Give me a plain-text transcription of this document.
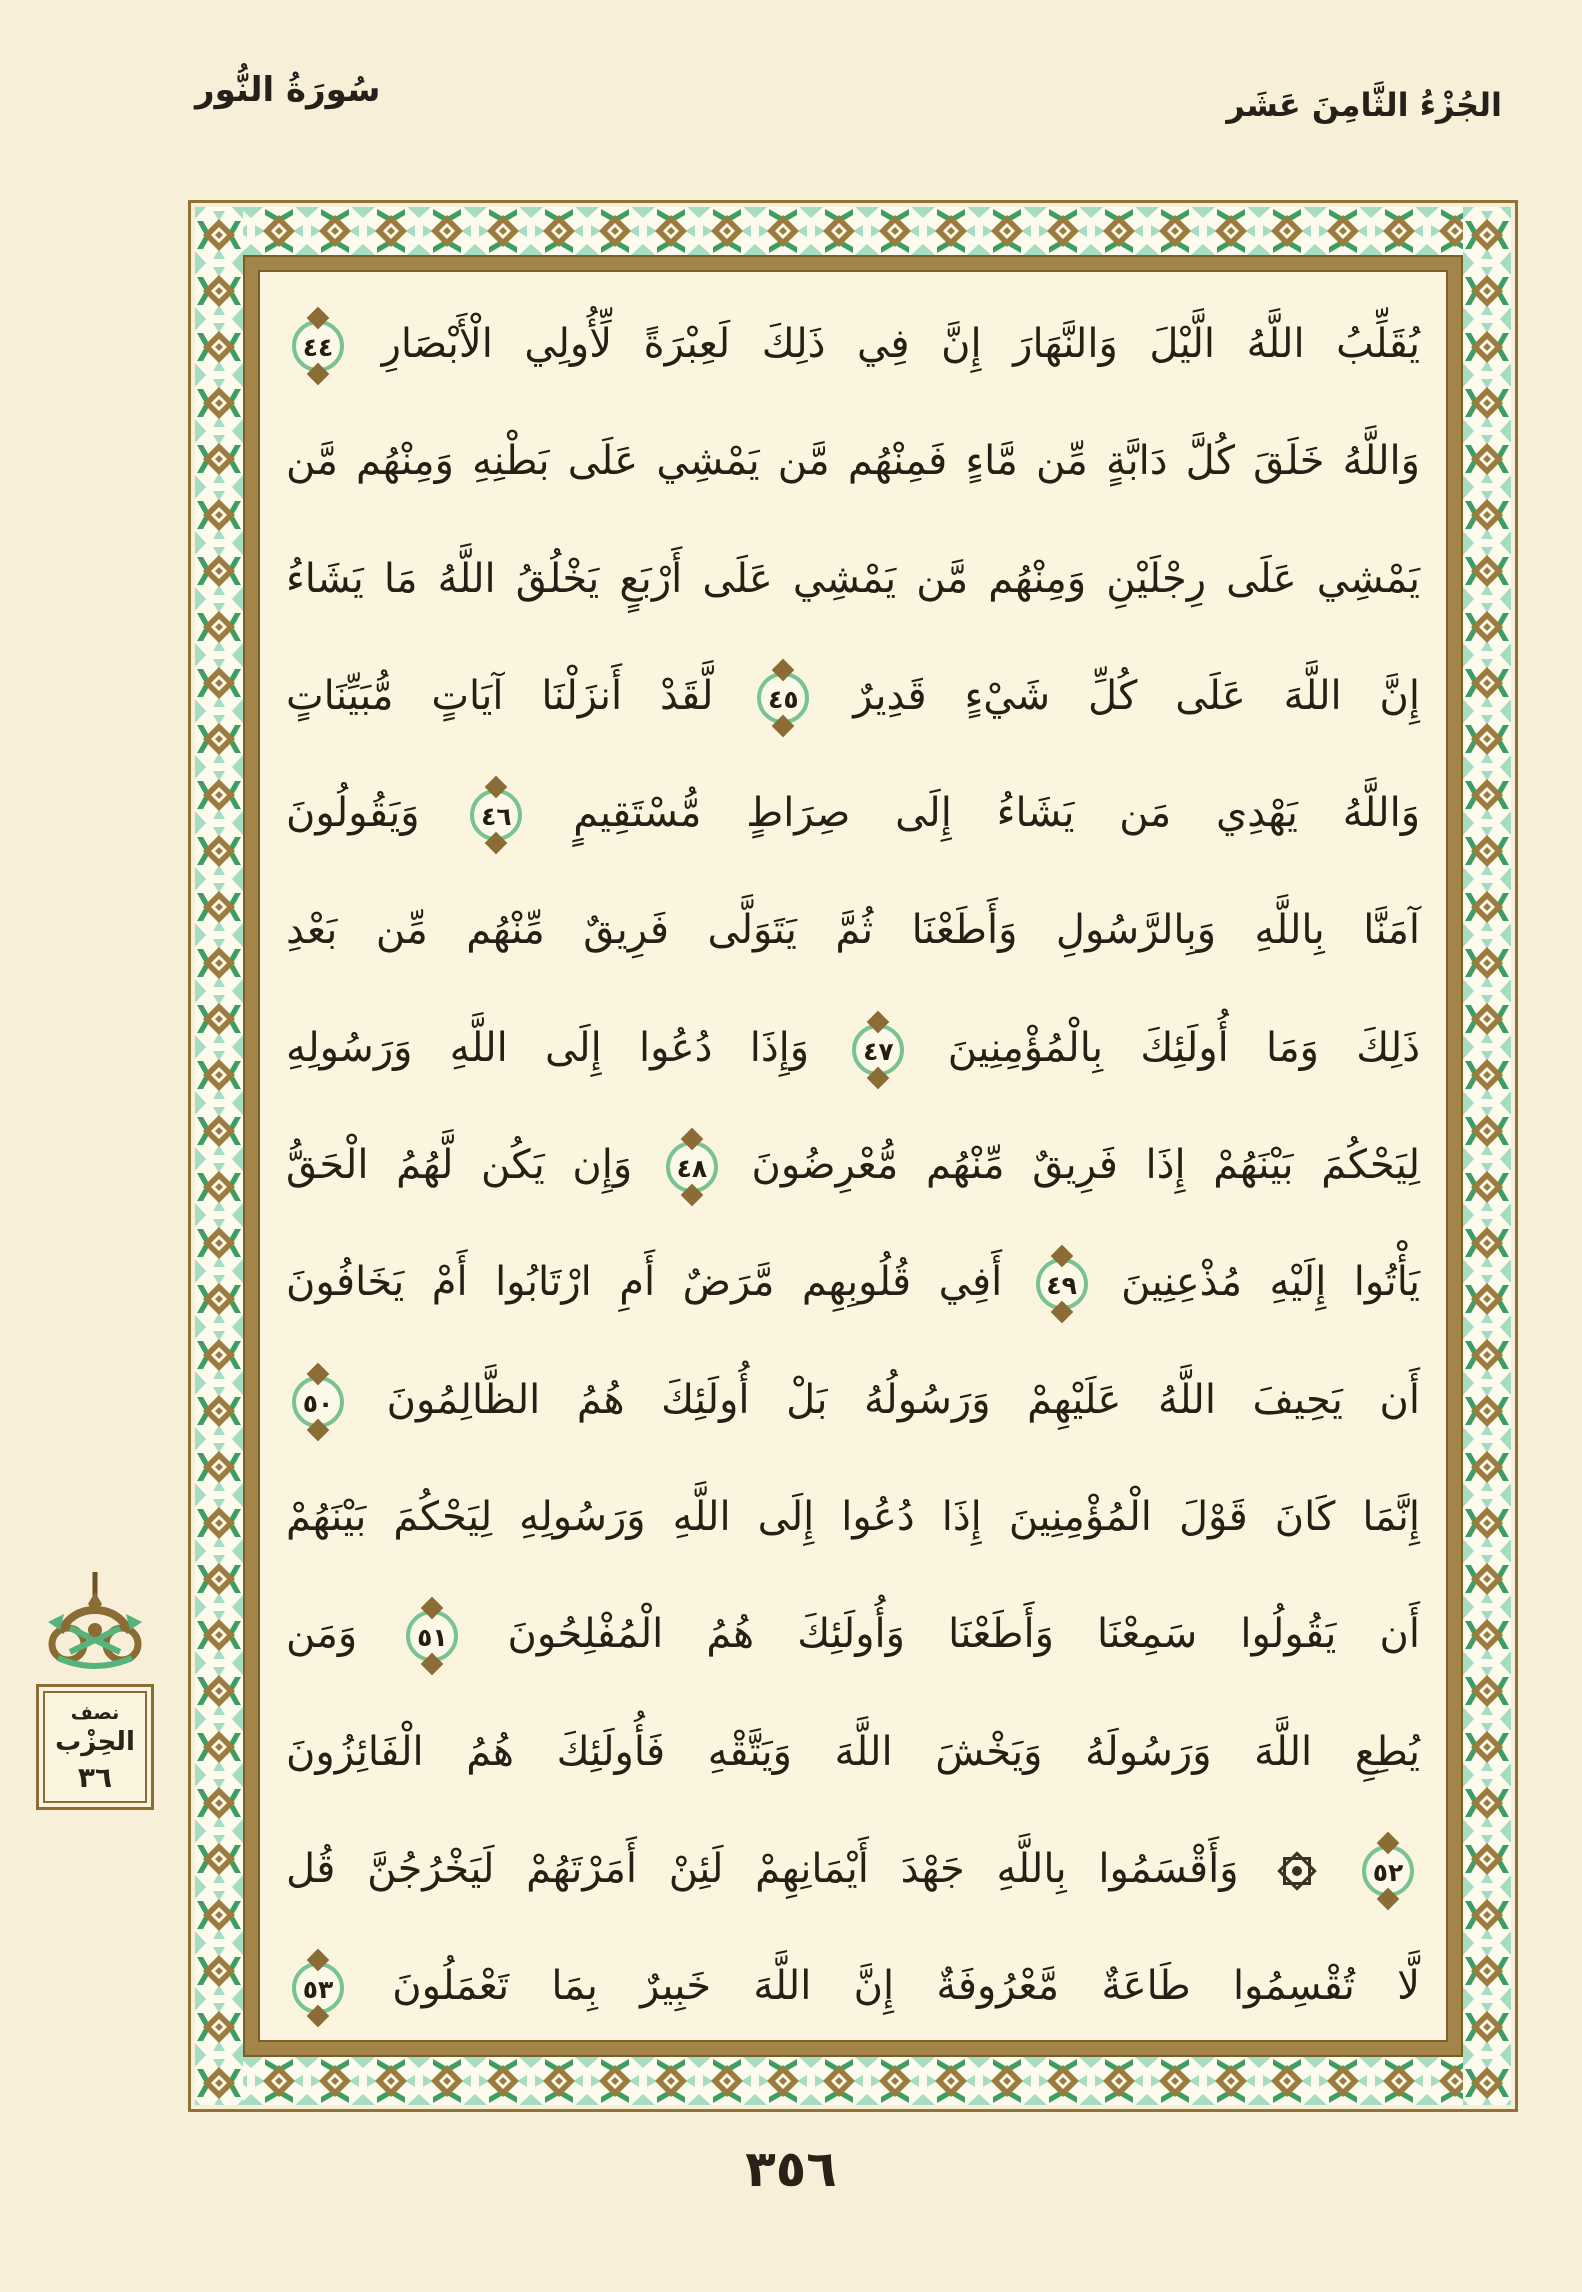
سُورَةُ النُّور	الجُزْءُ الثَّامِنَ عَشَر
يُقَلِّبُ اللَّهُ الَّيْلَ وَالنَّهَارَ إِنَّ فِي ذَلِكَ لَعِبْرَةً لِّأُولِي الْأَبْصَارِ ٤٤
وَاللَّهُ خَلَقَ كُلَّ دَابَّةٍ مِّن مَّاءٍ فَمِنْهُم مَّن يَمْشِي عَلَى بَطْنِهِ وَمِنْهُم مَّن
يَمْشِي عَلَى رِجْلَيْنِ وَمِنْهُم مَّن يَمْشِي عَلَى أَرْبَعٍ يَخْلُقُ اللَّهُ مَا يَشَاءُ
إِنَّ اللَّهَ عَلَى كُلِّ شَيْءٍ قَدِيرٌ ٤٥ لَّقَدْ أَنزَلْنَا آيَاتٍ مُّبَيِّنَاتٍ
وَاللَّهُ يَهْدِي مَن يَشَاءُ إِلَى صِرَاطٍ مُّسْتَقِيمٍ ٤٦ وَيَقُولُونَ
آمَنَّا بِاللَّهِ وَبِالرَّسُولِ وَأَطَعْنَا ثُمَّ يَتَوَلَّى فَرِيقٌ مِّنْهُم مِّن بَعْدِ
ذَلِكَ وَمَا أُولَئِكَ بِالْمُؤْمِنِينَ ٤٧ وَإِذَا دُعُوا إِلَى اللَّهِ وَرَسُولِهِ
لِيَحْكُمَ بَيْنَهُمْ إِذَا فَرِيقٌ مِّنْهُم مُّعْرِضُونَ ٤٨ وَإِن يَكُن لَّهُمُ الْحَقُّ
يَأْتُوا إِلَيْهِ مُذْعِنِينَ ٤٩ أَفِي قُلُوبِهِم مَّرَضٌ أَمِ ارْتَابُوا أَمْ يَخَافُونَ
أَن يَحِيفَ اللَّهُ عَلَيْهِمْ وَرَسُولُهُ بَلْ أُولَئِكَ هُمُ الظَّالِمُونَ ٥٠
إِنَّمَا كَانَ قَوْلَ الْمُؤْمِنِينَ إِذَا دُعُوا إِلَى اللَّهِ وَرَسُولِهِ لِيَحْكُمَ بَيْنَهُمْ
أَن يَقُولُوا سَمِعْنَا وَأَطَعْنَا وَأُولَئِكَ هُمُ الْمُفْلِحُونَ ٥١ وَمَن
يُطِعِ اللَّهَ وَرَسُولَهُ وَيَخْشَ اللَّهَ وَيَتَّقْهِ فَأُولَئِكَ هُمُ الْفَائِزُونَ
٥٢
وَأَقْسَمُوا بِاللَّهِ جَهْدَ أَيْمَانِهِمْ لَئِنْ أَمَرْتَهُمْ لَيَخْرُجُنَّ قُل
لَّا تُقْسِمُوا طَاعَةٌ مَّعْرُوفَةٌ إِنَّ اللَّهَ خَبِيرٌ بِمَا تَعْمَلُونَ ٥٣
نصف
الحِزْب
٣٦
٣٥٦
